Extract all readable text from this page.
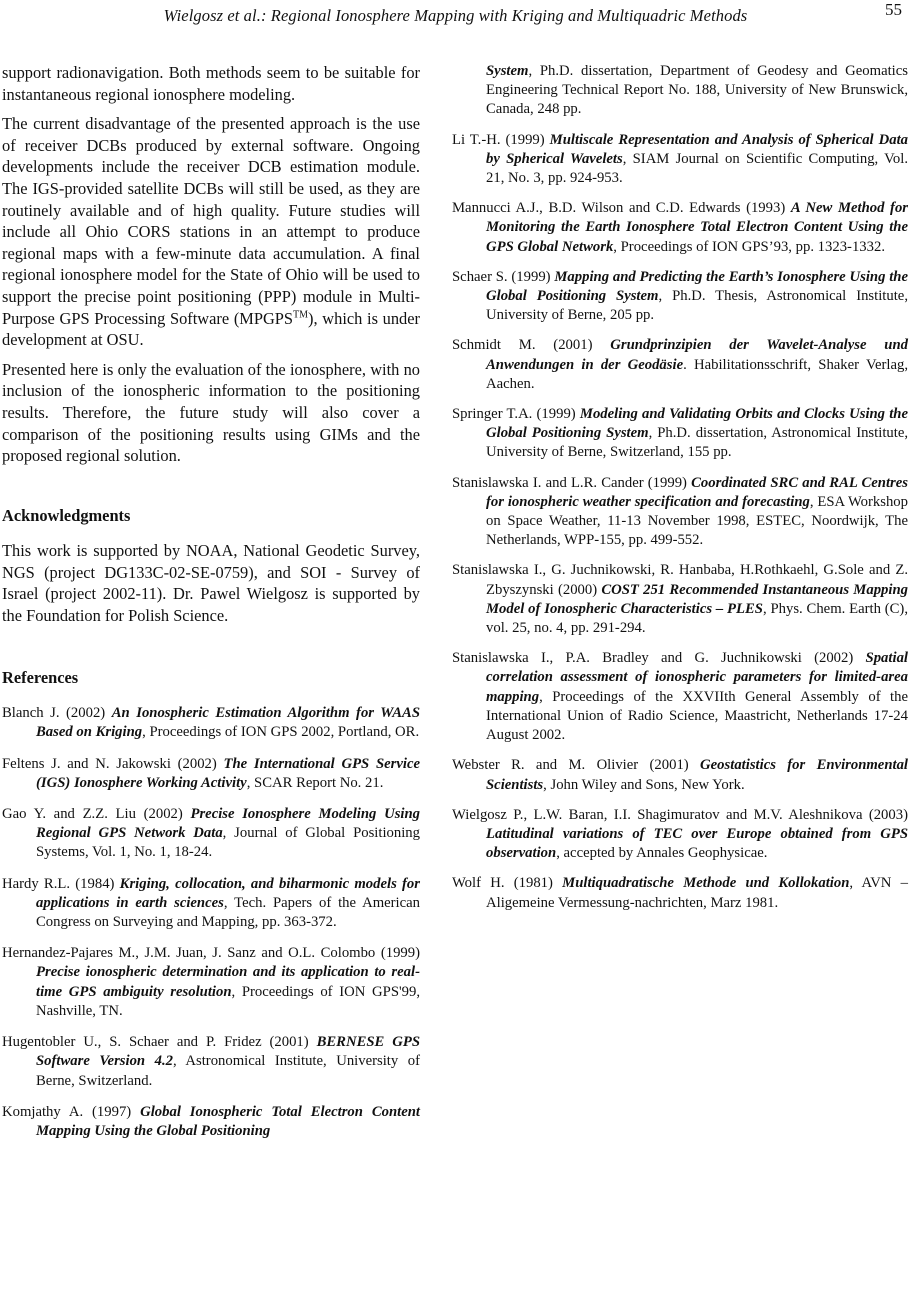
Wielgosz et al.: Regional Ionosphere Mapping with Kriging and Multiquadric Methods	55

support radionavigation. Both methods seem to be suitable for instantaneous regional ionosphere modeling.

The current disadvantage of the presented approach is the use of receiver DCBs produced by external software. Ongoing developments include the receiver DCB estimation module. The IGS-provided satellite DCBs will still be used, as they are routinely available and of high quality. Future studies will include all Ohio CORS stations in an attempt to produce regional maps with a few-minute data accumulation. A final regional ionosphere model for the State of Ohio will be used to support the precise point positioning (PPP) module in Multi-Purpose GPS Processing Software (MPGPS™), which is under development at OSU.

Presented here is only the evaluation of the ionosphere, with no inclusion of the ionospheric information to the positioning results. Therefore, the future study will also cover a comparison of the positioning results using GIMs and the proposed regional solution.

Acknowledgments

This work is supported by NOAA, National Geodetic Survey, NGS (project DG133C-02-SE-0759), and SOI - Survey of Israel (project 2002-11). Dr. Pawel Wielgosz is supported by the Foundation for Polish Science.

References

Blanch J. (2002) An Ionospheric Estimation Algorithm for WAAS Based on Kriging, Proceedings of ION GPS 2002, Portland, OR.

Feltens J. and N. Jakowski (2002) The International GPS Service (IGS) Ionosphere Working Activity, SCAR Report No. 21.

Gao Y. and Z.Z. Liu (2002) Precise Ionosphere Modeling Using Regional GPS Network Data, Journal of Global Positioning Systems, Vol. 1, No. 1, 18-24.

Hardy R.L. (1984) Kriging, collocation, and biharmonic models for applications in earth sciences, Tech. Papers of the American Congress on Surveying and Mapping, pp. 363-372.

Hernandez-Pajares M., J.M. Juan, J. Sanz and O.L. Colombo (1999) Precise ionospheric determination and its application to real-time GPS ambiguity resolution, Proceedings of ION GPS'99, Nashville, TN.

Hugentobler U., S. Schaer and P. Fridez (2001) BERNESE GPS Software Version 4.2, Astronomical Institute, University of Berne, Switzerland.

Komjathy A. (1997) Global Ionospheric Total Electron Content Mapping Using the Global Positioning

System, Ph.D. dissertation, Department of Geodesy and Geomatics Engineering Technical Report No. 188, University of New Brunswick, Canada, 248 pp.

Li T.-H. (1999) Multiscale Representation and Analysis of Spherical Data by Spherical Wavelets, SIAM Journal on Scientific Computing, Vol. 21, No. 3, pp. 924-953.

Mannucci A.J., B.D. Wilson and C.D. Edwards (1993) A New Method for Monitoring the Earth Ionosphere Total Electron Content Using the GPS Global Network, Proceedings of ION GPS’93, pp. 1323-1332.

Schaer S. (1999) Mapping and Predicting the Earth’s Ionosphere Using the Global Positioning System, Ph.D. Thesis, Astronomical Institute, University of Berne, 205 pp.

Schmidt M. (2001) Grundprinzipien der Wavelet-Analyse und Anwendungen in der Geodäsie. Habilitationsschrift, Shaker Verlag, Aachen.

Springer T.A. (1999) Modeling and Validating Orbits and Clocks Using the Global Positioning System, Ph.D. dissertation, Astronomical Institute, University of Berne, Switzerland, 155 pp.

Stanislawska I. and L.R. Cander (1999) Coordinated SRC and RAL Centres for ionospheric weather specification and forecasting, ESA Workshop on Space Weather, 11-13 November 1998, ESTEC, Noordwijk, The Netherlands, WPP-155, pp. 499-552.

Stanislawska I., G. Juchnikowski, R. Hanbaba, H.Rothkaehl, G.Sole and Z. Zbyszynski (2000) COST 251 Recommended Instantaneous Mapping Model of Ionospheric Characteristics – PLES, Phys. Chem. Earth (C), vol. 25, no. 4, pp. 291-294.

Stanislawska I., P.A. Bradley and G. Juchnikowski (2002) Spatial correlation assessment of ionospheric parameters for limited-area mapping, Proceedings of the XXVIIth General Assembly of the International Union of Radio Science, Maastricht, Netherlands 17-24 August 2002.

Webster R. and M. Olivier (2001) Geostatistics for Environmental Scientists, John Wiley and Sons, New York.

Wielgosz P., L.W. Baran, I.I. Shagimuratov and M.V. Aleshnikova (2003) Latitudinal variations of TEC over Europe obtained from GPS observation, accepted by Annales Geophysicae.

Wolf H. (1981) Multiquadratische Methode und Kollokation, AVN – Aligemeine Vermessung-nachrichten, Marz 1981.
